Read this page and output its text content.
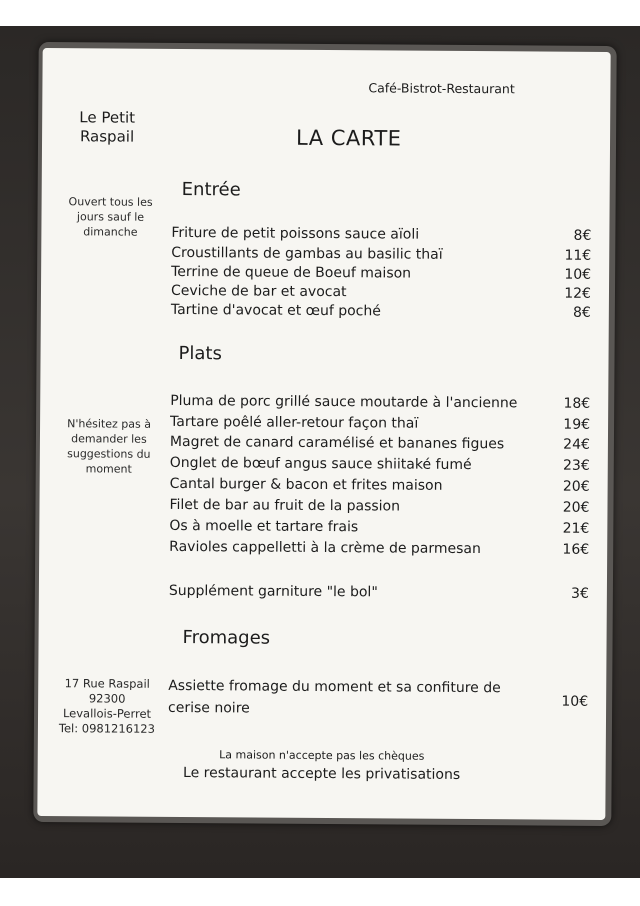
Café-Bistrot-Restaurant
Le Petit Raspail	LA CARTE
Ouvert tous les jours sauf le dimanche
Entrée
Friture de petit poissons sauce aïoli	8€
Croustillants de gambas au basilic thaï	11€
Terrine de queue de Boeuf maison	10€
Ceviche de bar et avocat	12€
Tartine d'avocat et œuf poché	8€
Plats
N'hésitez pas à demander les suggestions du moment
Pluma de porc grillé sauce moutarde à l'ancienne	18€
Tartare poêlé aller-retour façon thaï	19€
Magret de canard caramélisé et bananes figues	24€
Onglet de bœuf angus sauce shiitaké fumé	23€
Cantal burger & bacon et frites maison	20€
Filet de bar au fruit de la passion	20€
Os à moelle et tartare frais	21€
Ravioles cappelletti à la crème de parmesan	16€
Supplément garniture "le bol"	3€
Fromages
17 Rue Raspail
92300
Levallois-Perret
Tel: 0981216123
Assiette fromage du moment et sa confiture de
cerise noire	10€
La maison n'accepte pas les chèques
Le restaurant accepte les privatisations
